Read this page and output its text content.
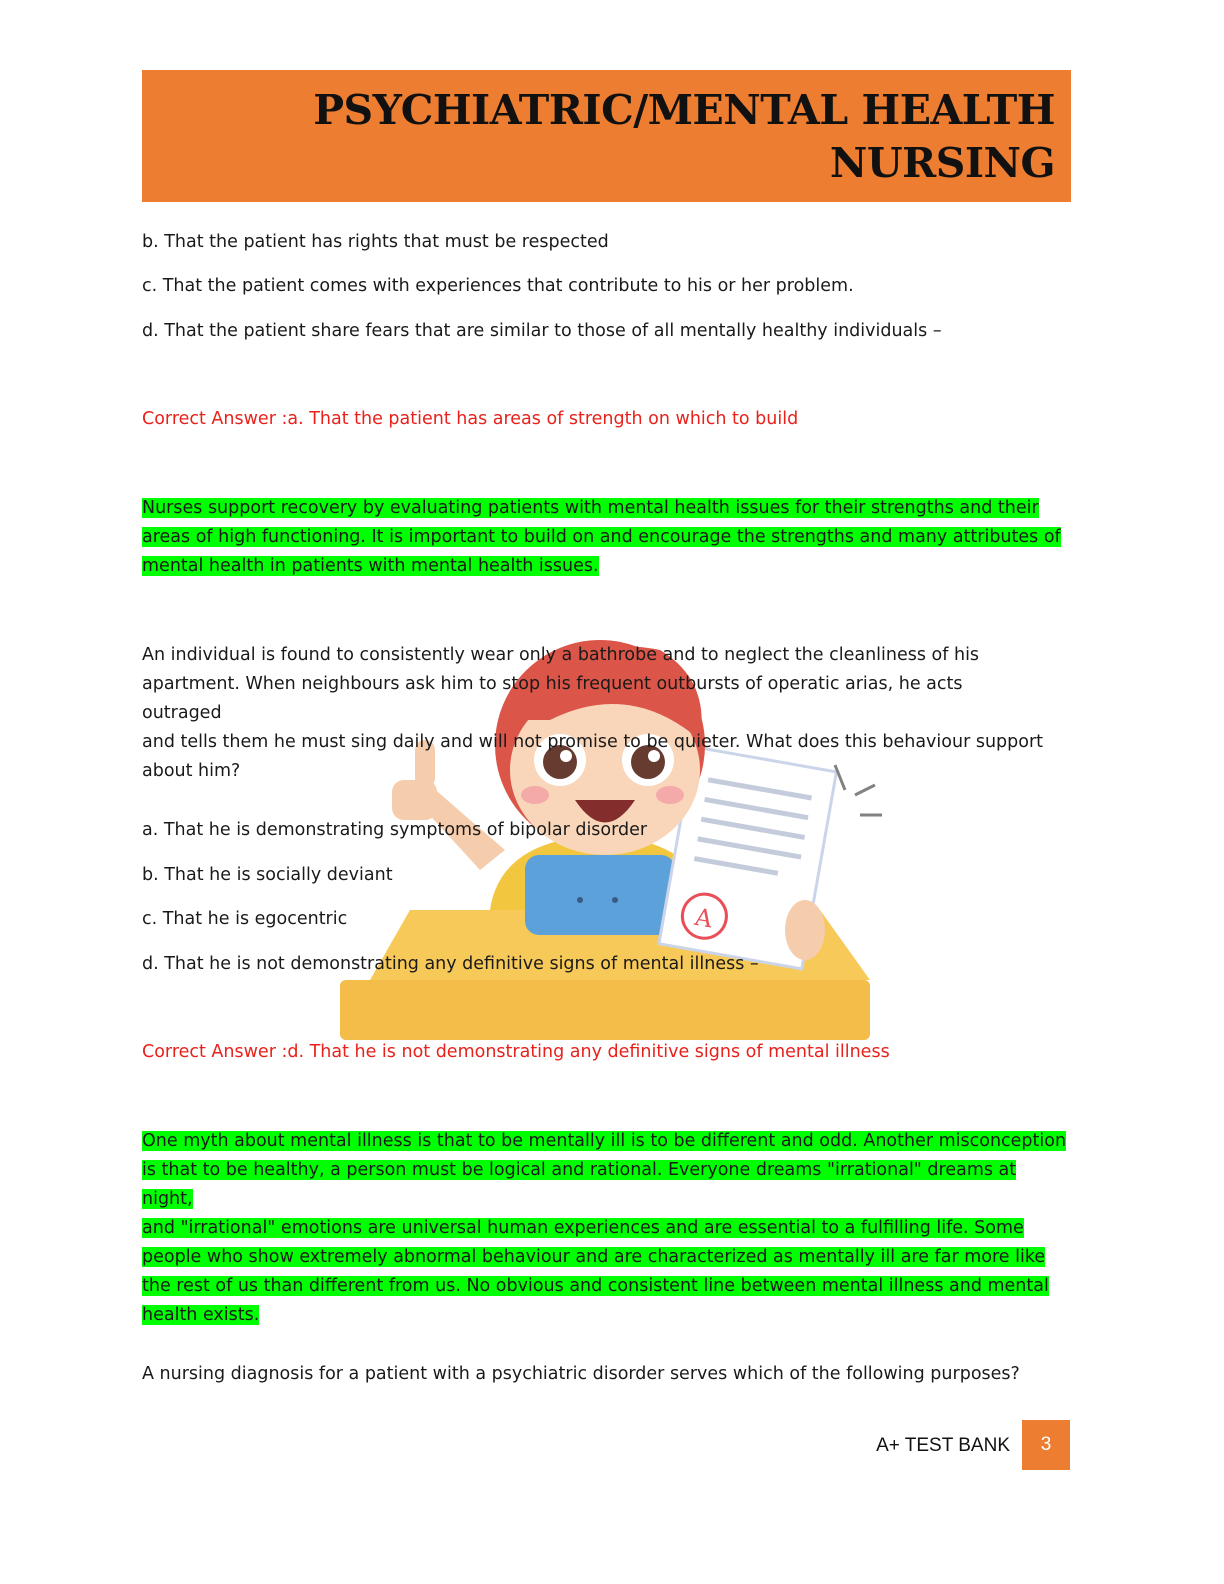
PSYCHIATRIC/MENTAL HEALTH
NURSING
A

b. That the patient has rights that must be respected

c. That the patient comes with experiences that contribute to his or her problem.

d. That the patient share fears that are similar to those of all mentally healthy individuals –

Correct Answer :a. That the patient has areas of strength on which to build

Nurses support recovery by evaluating patients with mental health issues for their strengths and their
areas of high functioning. It is important to build on and encourage the strengths and many attributes of
mental health in patients with mental health issues.
An individual is found to consistently wear only a bathrobe and to neglect the cleanliness of his
apartment. When neighbours ask him to stop his frequent outbursts of operatic arias, he acts outraged
and tells them he must sing daily and will not promise to be quieter. What does this behaviour support
about him?

a. That he is demonstrating symptoms of bipolar disorder

b. That he is socially deviant

c. That he is egocentric

d. That he is not demonstrating any definitive signs of mental illness –

Correct Answer :d. That he is not demonstrating any definitive signs of mental illness

One myth about mental illness is that to be mentally ill is to be different and odd. Another misconception
is that to be healthy, a person must be logical and rational. Everyone dreams "irrational" dreams at night,
and "irrational" emotions are universal human experiences and are essential to a fulfilling life. Some
people who show extremely abnormal behaviour and are characterized as mentally ill are far more like
the rest of us than different from us. No obvious and consistent line between mental illness and mental
health exists.

A nursing diagnosis for a patient with a psychiatric disorder serves which of the following purposes?

A+ TEST BANK	3
